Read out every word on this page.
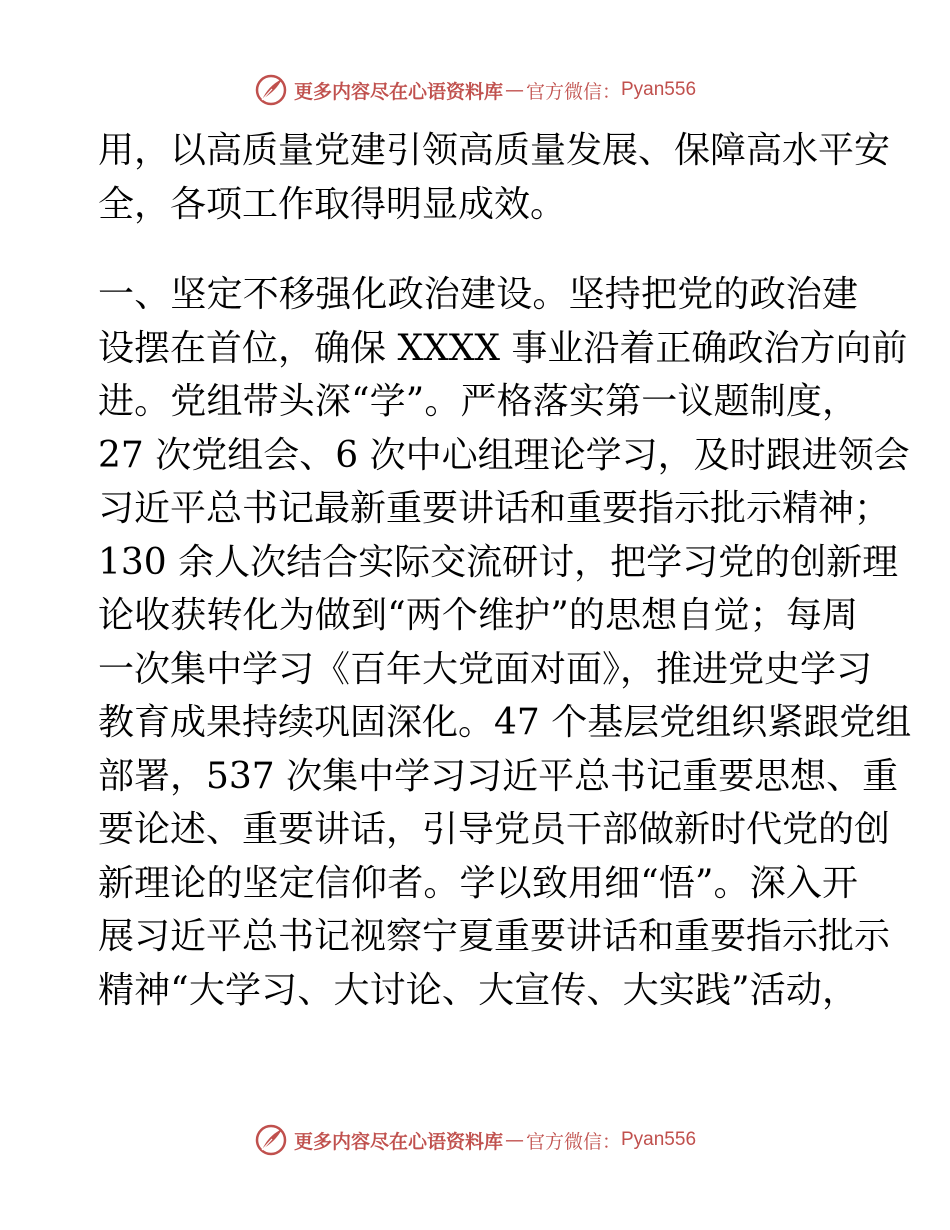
更多内容尽在心语资料库 — 官方微信： Pyan556
用，以高质量党建引领高质量发展、保障高水平安
全，各项工作取得明显成效。
一、坚定不移强化政治建设。坚持把党的政治建
设摆在首位，确保 XXXX 事业沿着正确政治方向前
进。党组带头深“学”。严格落实第一议题制度，
27 次党组会、6 次中心组理论学习，及时跟进领会
习近平总书记最新重要讲话和重要指示批示精神；
130 余人次结合实际交流研讨，把学习党的创新理
论收获转化为做到“两个维护”的思想自觉；每周
一次集中学习《百年大党面对面》，推进党史学习
教育成果持续巩固深化。47 个基层党组织紧跟党组
部署，537 次集中学习习近平总书记重要思想、重
要论述、重要讲话，引导党员干部做新时代党的创
新理论的坚定信仰者。学以致用细“悟”。深入开
展习近平总书记视察宁夏重要讲话和重要指示批示
精神“大学习、大讨论、大宣传、大实践”活动，
更多内容尽在心语资料库 — 官方微信： Pyan556
